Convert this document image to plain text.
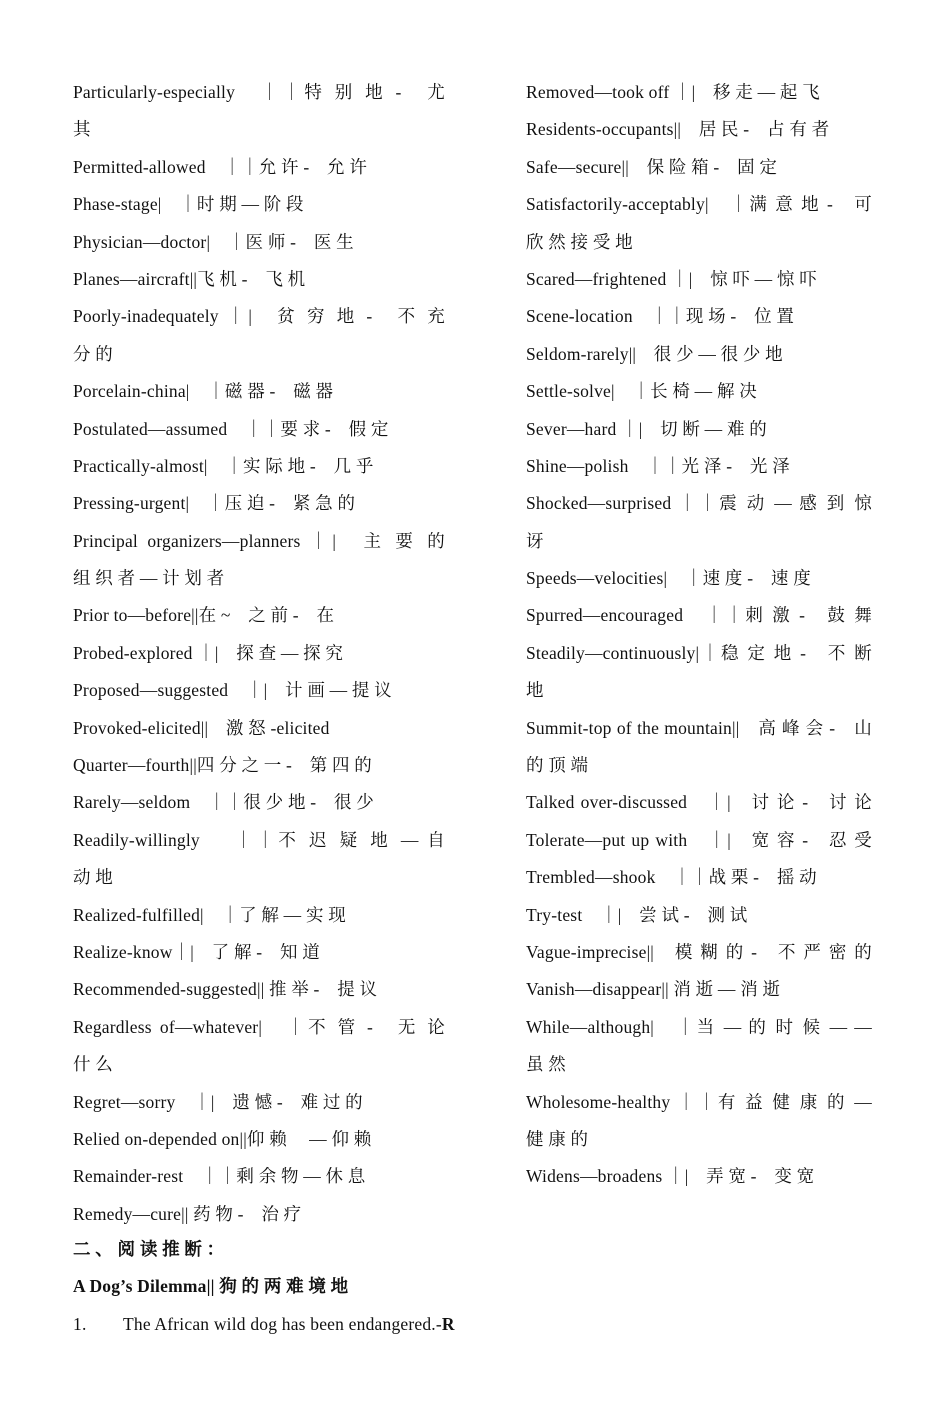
Particularly-especially　｜｜特 别 地 -　尤
其
Permitted-allowed　｜｜允 许 -　允 许
Phase-stage|　｜时 期 — 阶 段
Physician—doctor|　｜医 师 -　医 生
Planes—aircraft||飞 机 -　飞 机
Poorly-inadequately ｜|　贫 穷 地 -　不 充
分 的
Porcelain-china|　｜磁 器 -　磁 器
Postulated—assumed　｜｜要 求 -　假 定
Practically-almost|　｜实 际 地 -　几 乎
Pressing-urgent|　｜压 迫 -　紧 急 的
Principal organizers—planners ｜|　主 要 的
组 织 者 — 计 划 者
Prior to—before||在 ~　之 前 -　在
Probed-explored ｜|　探 查 — 探 究
Proposed—suggested　｜|　计 画 — 提 议
Provoked-elicited||　激 怒 -elicited
Quarter—fourth||四 分 之 一 -　第 四 的
Rarely—seldom　｜｜很 少 地 -　很 少
Readily-willingly　 ｜｜不 迟 疑 地 — 自
动 地
Realized-fulfilled|　｜了 解 — 实 现
Realize-know｜|　了 解 -　知 道
Recommended-suggested|| 推 举 -　提 议
Regardless of—whatever|　｜不 管 -　无 论
什 么
Regret—sorry　｜|　遗 憾 -　难 过 的
Relied on-depended on||仰 赖　 — 仰 赖
Remainder-rest　｜｜剩 余 物 — 休 息
Remedy—cure|| 药 物 -　治 疗
Removed—took off ｜|　移 走 — 起 飞
Residents-occupants||　居 民 -　占 有 者
Safe—secure||　保 险 箱 -　固 定
Satisfactorily-acceptably|　｜满 意 地 -　可
欣 然 接 受 地
Scared—frightened ｜|　惊 吓 — 惊 吓
Scene-location　｜｜现 场 -　位 置
Seldom-rarely||　很 少 — 很 少 地
Settle-solve|　｜长 椅 — 解 决
Sever—hard ｜|　切 断 — 难 的
Shine—polish　｜｜光 泽 -　光 泽
Shocked—surprised ｜｜震 动 — 感 到 惊
讶
Speeds—velocities|　｜速 度 -　速 度
Spurred—encouraged　｜｜刺 激 -　鼓 舞
Steadily—continuously|｜稳 定 地 -　不 断
地
Summit-top of the mountain||　高 峰 会 -　山
的 顶 端
Talked over-discussed　｜|　讨 论 -　讨 论
Tolerate—put up with　｜|　宽 容 -　忍 受
Trembled—shook　｜｜战 栗 -　摇 动
Try-test　｜|　尝 试 -　测 试
Vague-imprecise||　模 糊 的 -　不 严 密 的
Vanish—disappear|| 消 逝 — 消 逝
While—although|　｜当 — 的 时 候 — —
虽 然
Wholesome-healthy ｜｜有 益 健 康 的 —
健 康 的
Widens—broadens ｜|　弄 宽 -　变 宽
二 、 阅 读 推 断 ：
A Dog’s Dilemma|| 狗 的 两 难 境 地
1. The African wild dog has been endangered.-R
